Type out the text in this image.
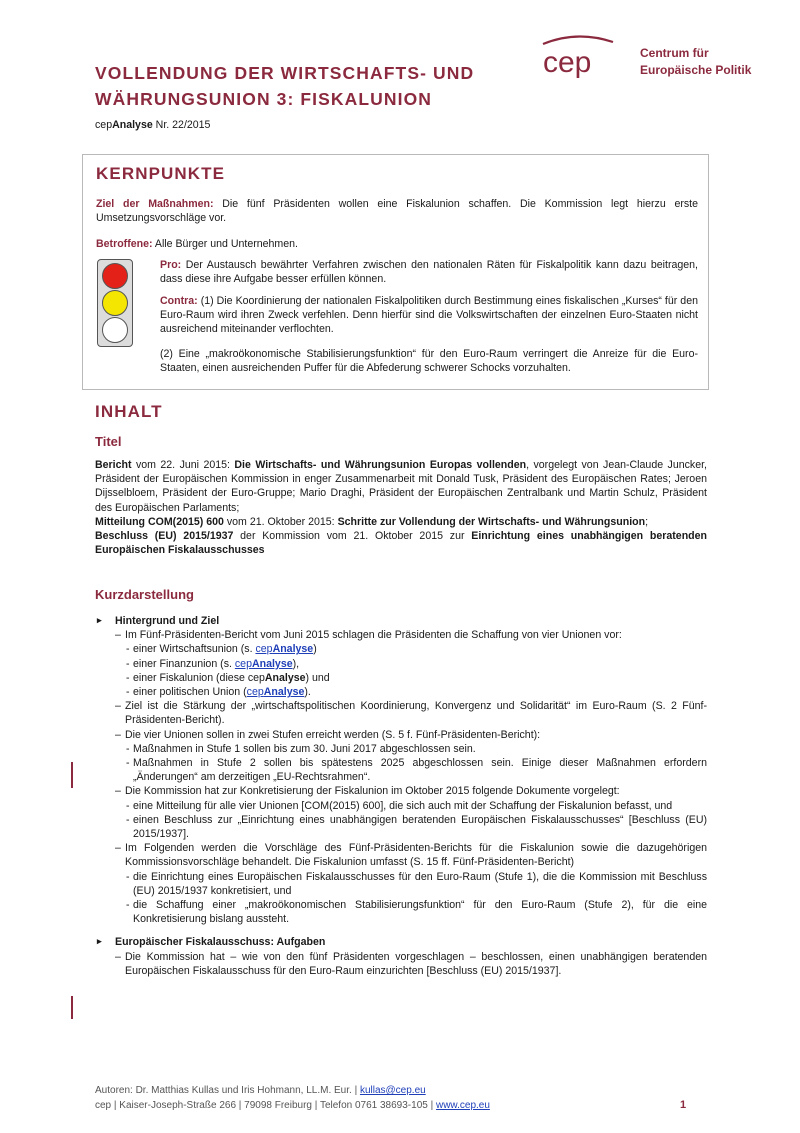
VOLLENDUNG DER WIRTSCHAFTS- UND
WÄHRUNGSUNION 3: FISKALUNION
cepAnalyse Nr. 22/2015
cep	Centrum für
Europäische Politik
KERNPUNKTE
Ziel der Maßnahmen: Die fünf Präsidenten wollen eine Fiskalunion schaffen. Die Kommission legt hierzu erste Umsetzungsvorschläge vor.
Betroffene: Alle Bürger und Unternehmen.
Pro: Der Austausch bewährter Verfahren zwischen den nationalen Räten für Fiskalpolitik kann dazu beitragen, dass diese ihre Aufgabe besser erfüllen können.
Contra: (1) Die Koordinierung der nationalen Fiskalpolitiken durch Bestimmung eines fiskalischen „Kurses“ für den Euro-Raum wird ihren Zweck verfehlen. Denn hierfür sind die Volkswirtschaften der einzelnen Euro-Staaten nicht ausreichend miteinander verflochten.
(2) Eine „makroökonomische Stabilisierungsfunktion“ für den Euro-Raum verringert die Anreize für die Euro-Staaten, einen ausreichenden Puffer für die Abfederung schwerer Schocks vorzuhalten.
INHALT
Titel

Bericht vom 22. Juni 2015: Die Wirtschafts- und Währungsunion Europas vollenden, vorgelegt von Jean-Claude Juncker, Präsident der Europäischen Kommission in enger Zusammenarbeit mit Donald Tusk, Präsident des Europäischen Rates; Jeroen Dijsselbloem, Präsident der Euro-Gruppe; Mario Draghi, Präsident der Europäischen Zentralbank und Martin Schulz, Präsident des Europäischen Parlaments;

Mitteilung COM(2015) 600 vom 21. Oktober 2015: Schritte zur Vollendung der Wirtschafts- und Währungsunion;

Beschluss (EU) 2015/1937 der Kommission vom 21. Oktober 2015 zur Einrichtung eines unabhängigen beratenden Europäischen Fiskalausschusses

Kurzdarstellung

▸ Hintergrund und Ziel

– Im Fünf-Präsidenten-Bericht vom Juni 2015 schlagen die Präsidenten die Schaffung von vier Unionen vor:

- einer Wirtschaftsunion (s. cepAnalyse)

- einer Finanzunion (s. cepAnalyse),

- einer Fiskalunion (diese cepAnalyse) und

- einer politischen Union (cepAnalyse).

– Ziel ist die Stärkung der „wirtschaftspolitischen Koordinierung, Konvergenz und Solidarität“ im Euro-Raum (S. 2 Fünf-Präsidenten-Bericht).

– Die vier Unionen sollen in zwei Stufen erreicht werden (S. 5 f. Fünf-Präsidenten-Bericht):

- Maßnahmen in Stufe 1 sollen bis zum 30. Juni 2017 abgeschlossen sein.

- Maßnahmen in Stufe 2 sollen bis spätestens 2025 abgeschlossen sein. Einige dieser Maßnahmen erfordern „Änderungen“ am derzeitigen „EU-Rechtsrahmen“.

– Die Kommission hat zur Konkretisierung der Fiskalunion im Oktober 2015 folgende Dokumente vorgelegt:

- eine Mitteilung für alle vier Unionen [COM(2015) 600], die sich auch mit der Schaffung der Fiskalunion befasst, und

- einen Beschluss zur „Einrichtung eines unabhängigen beratenden Europäischen Fiskalausschusses“ [Beschluss (EU) 2015/1937].

– Im Folgenden werden die Vorschläge des Fünf-Präsidenten-Berichts für die Fiskalunion sowie die dazugehörigen Kommissionsvorschläge behandelt. Die Fiskalunion umfasst (S. 15 ff. Fünf-Präsidenten-Bericht)

- die Einrichtung eines Europäischen Fiskalausschusses für den Euro-Raum (Stufe 1), die die Kommission mit Beschluss (EU) 2015/1937 konkretisiert, und

- die Schaffung einer „makroökonomischen Stabilisierungsfunktion“ für den Euro-Raum (Stufe 2), für die eine Konkretisierung bislang aussteht.

▸ Europäischer Fiskalausschuss: Aufgaben

– Die Kommission hat – wie von den fünf Präsidenten vorgeschlagen – beschlossen, einen unabhängigen beratenden Europäischen Fiskalausschuss für den Euro-Raum einzurichten [Beschluss (EU) 2015/1937].

Autoren: Dr. Matthias Kullas und Iris Hohmann, LL.M. Eur. | kullas@cep.eu
cep | Kaiser-Joseph-Straße 266 | 79098 Freiburg | Telefon 0761 38693-105 | www.cep.eu	1
